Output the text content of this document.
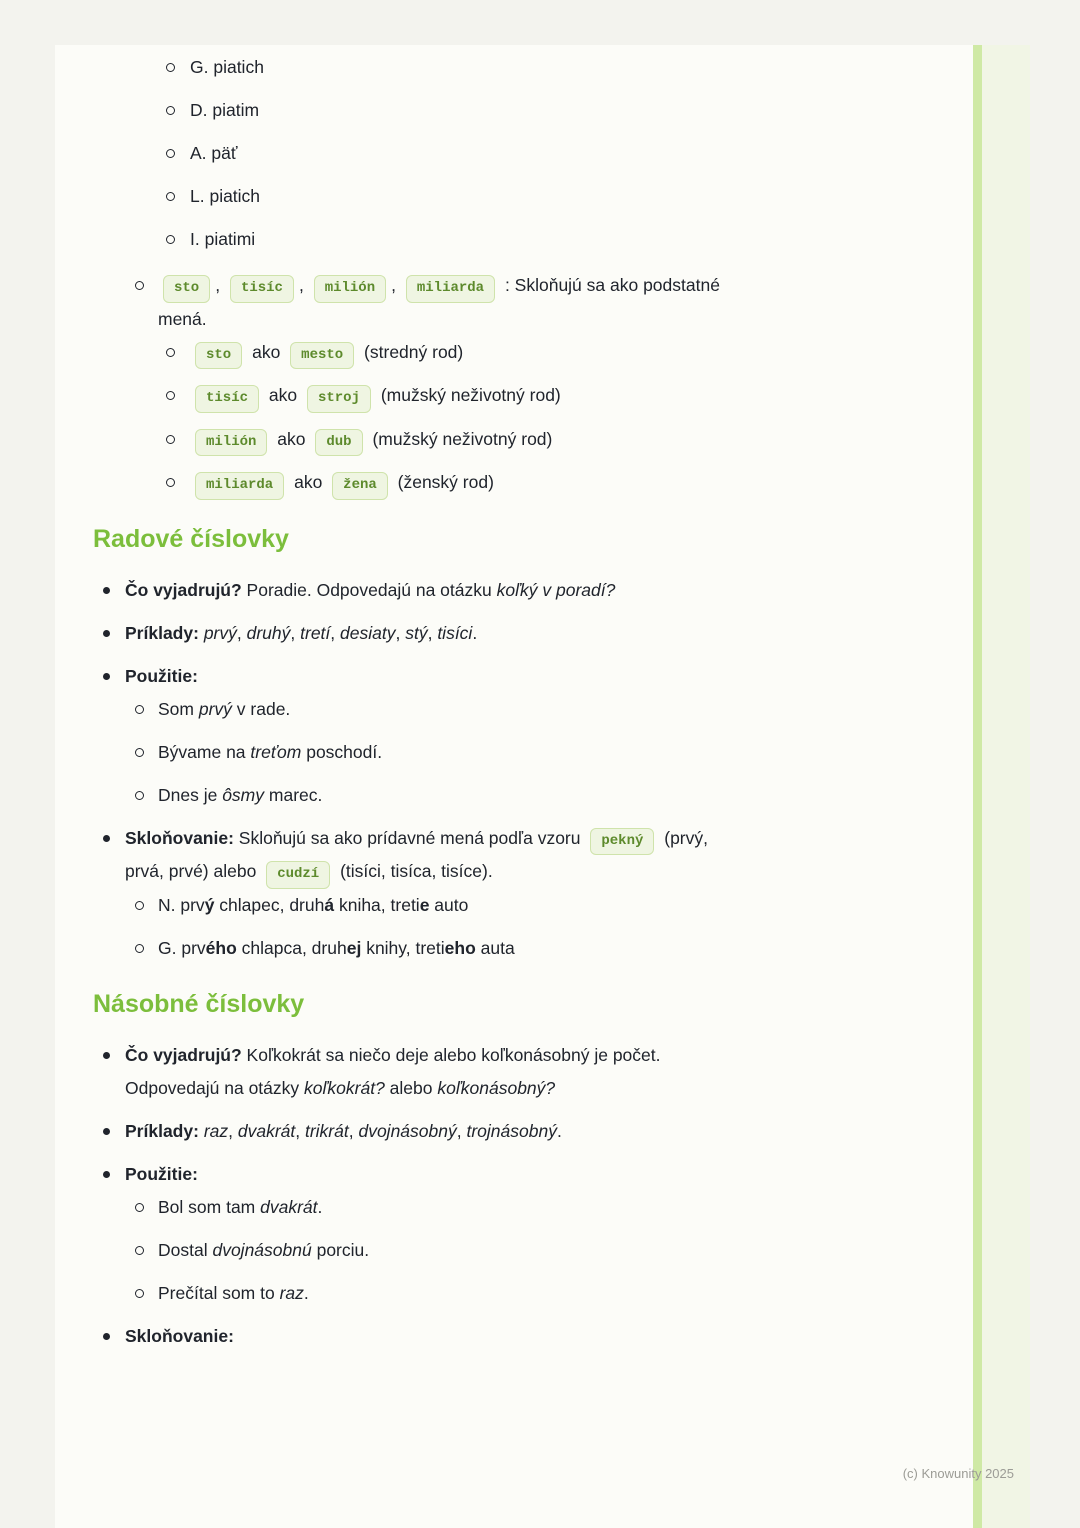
G. piatich
D. piatim
A. päť
L. piatich
I. piatimi
sto , tisíc , milión , miliarda : Skloňujú sa ako podstatné
mená.
sto ako mesto (stredný rod)
tisíc ako stroj (mužský neživotný rod)
milión ako dub (mužský neživotný rod)
miliarda ako žena (ženský rod)
Radové číslovky
Čo vyjadrujú? Poradie. Odpovedajú na otázku koľký v poradí?
Príklady: prvý, druhý, tretí, desiaty, stý, tisíci.
Použitie:
Som prvý v rade.
Bývame na treťom poschodí.
Dnes je ôsmy marec.
Skloňovanie: Skloňujú sa ako prídavné mená podľa vzoru pekný (prvý,
prvá, prvé) alebo cudzí (tisíci, tisíca, tisíce).
N. prvý chlapec, druhá kniha, tretie auto
G. prvého chlapca, druhej knihy, tretieho auta
Násobné číslovky
Čo vyjadrujú? Koľkokrát sa niečo deje alebo koľkonásobný je počet.
Odpovedajú na otázky koľkokrát? alebo koľkonásobný?
Príklady: raz, dvakrát, trikrát, dvojnásobný, trojnásobný.
Použitie:
Bol som tam dvakrát.
Dostal dvojnásobnú porciu.
Prečítal som to raz.
Skloňovanie:
(c) Knowunity 2025
